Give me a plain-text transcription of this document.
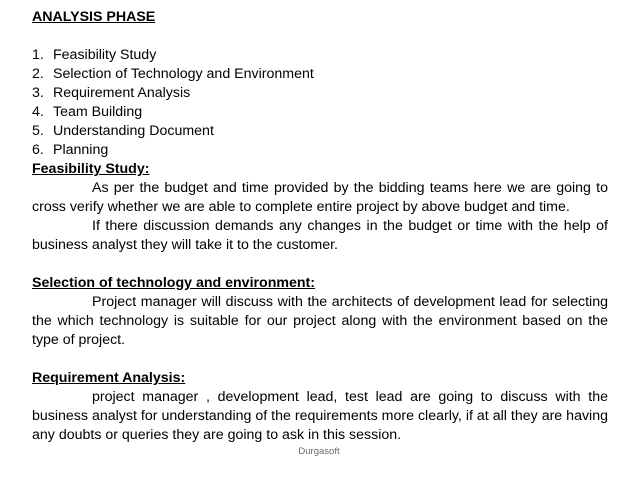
ANALYSIS PHASE
1. Feasibility Study
2. Selection of Technology and Environment
3. Requirement Analysis
4. Team Building
5. Understanding Document
6. Planning
Feasibility Study:

As per the budget and time provided by the bidding teams here we are going to cross verify whether we are able to complete entire project by above budget and time.

If there discussion demands any changes in the budget or time with the help of business analyst they will take it to the customer.

Selection of technology and environment:

Project manager will discuss with the architects of development lead for selecting the which technology is suitable for our project along with the environment based on the type of project.

Requirement Analysis:

project manager , development lead, test lead are going to discuss with the business analyst for understanding of the requirements more clearly, if at all they are having any doubts or queries they are going to ask in this session.

Durgasoft
